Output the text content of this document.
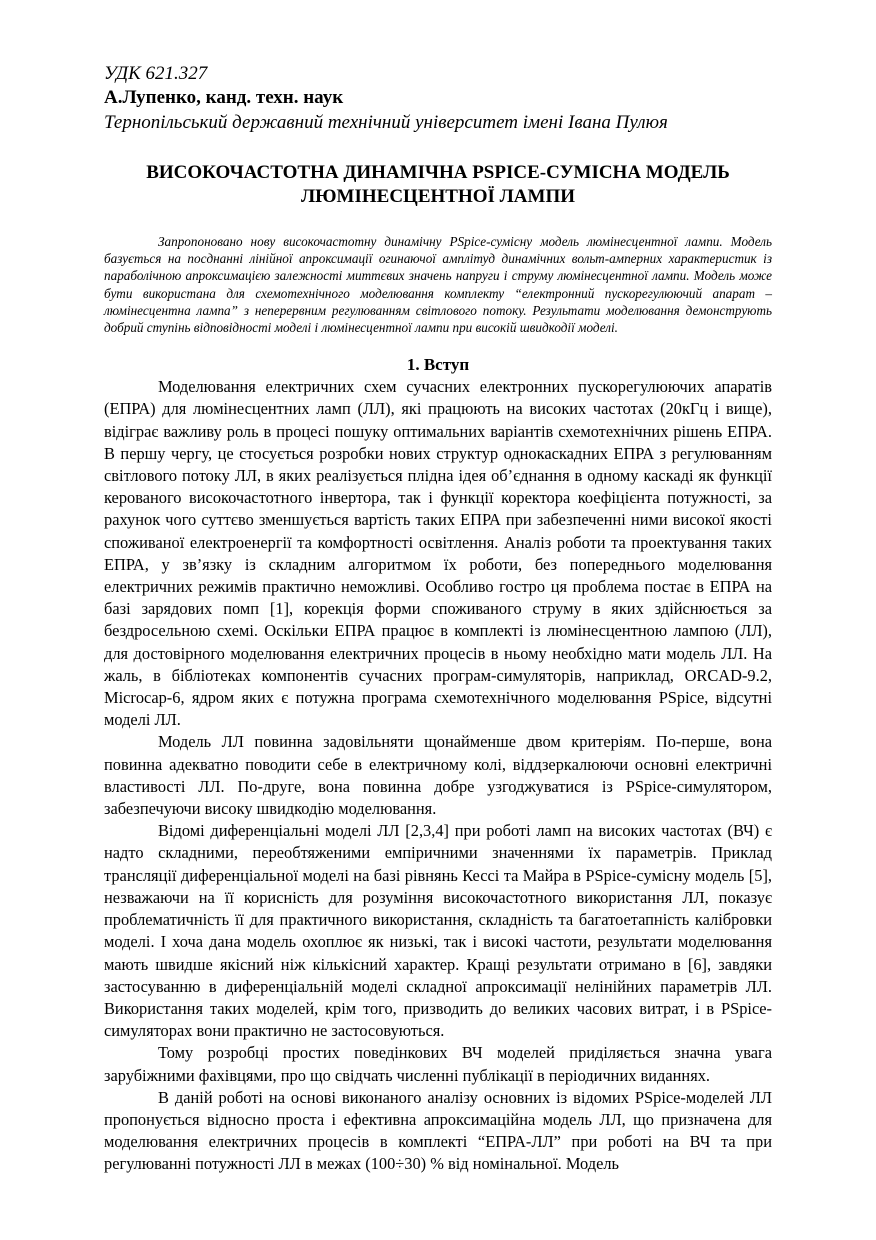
УДК 621.327

А.Лупенко, канд. техн. наук

Тернопільський державний технічний університет імені Івана Пулюя

ВИСОКОЧАСТОТНА ДИНАМІЧНА PSPICE-СУМІСНА МОДЕЛЬ ЛЮМІНЕСЦЕНТНОЇ ЛАМПИ

Запропоновано нову високочастотну динамічну PSpice-сумісну модель люмінесцентної лампи. Модель базується на посднанні лінійної апроксимації огинаючої амплітуд динамічних вольт-амперних характеристик із параболічною апроксимацією залежності миттєвих значень напруги і струму люмінесцентної лампи. Модель може бути використана для схемотехнічного моделювання комплекту “електронний пускорегулюючий апарат – люмінесцентна лампа” з неперервним регулюванням світлового потоку. Результати моделювання демонструють добрий ступінь відповідності моделі і люмінесцентної лампи при високій швидкодії моделі.

1. Вступ

Моделювання електричних схем сучасних електронних пускорегулюючих апаратів (ЕПРА) для люмінесцентних ламп (ЛЛ), які працюють на високих частотах (20кГц і вище), відіграє важливу роль в процесі пошуку оптимальних варіантів схемотехнічних рішень ЕПРА. В першу чергу, це стосується розробки нових структур однокаскадних ЕПРА з регулюванням світлового потоку ЛЛ, в яких реалізується плідна ідея об’єднання в одному каскаді як функції керованого високочастотного інвертора, так і функції коректора коефіцієнта потужності, за рахунок чого суттєво зменшується вартість таких ЕПРА при забезпеченні ними високої якості споживаної електроенергії та комфортності освітлення. Аналіз роботи та проектування таких ЕПРА, у зв’язку із складним алгоритмом їх роботи, без попереднього моделювання електричних режимів практично неможливі. Особливо гостро ця проблема постає в ЕПРА на базі зарядових помп [1], корекція форми споживаного струму в яких здійснюється за бездросельною схемі. Оскільки ЕПРА працює в комплекті із люмінесцентною лампою (ЛЛ), для достовірного моделювання електричних процесів в ньому необхідно мати модель ЛЛ. На жаль, в бібліотеках компонентів сучасних програм-симуляторів, наприклад, ORCAD-9.2, Microcap-6, ядром яких є потужна програма схемотехнічного моделювання PSpice, відсутні моделі ЛЛ.

Модель ЛЛ повинна задовільняти щонайменше двом критеріям. По-перше, вона повинна адекватно поводити себе в електричному колі, віддзеркалюючи основні електричні властивості ЛЛ. По-друге, вона повинна добре узгоджуватися із PSpice-симулятором, забезпечуючи високу швидкодію моделювання.

Відомі диференціальні моделі ЛЛ [2,3,4] при роботі ламп на високих частотах (ВЧ) є надто складними, переобтяженими емпіричними значеннями їх параметрів. Приклад трансляції диференціальної моделі на базі рівнянь Кессі та Майра в PSpice-сумісну модель [5], незважаючи на її корисність для розуміння високочастотного використання ЛЛ, показує проблематичність її для практичного використання, складність та багатоетапність калібровки моделі. І хоча дана модель охоплює як низькі, так і високі частоти, результати моделювання мають швидше якісний ніж кількісний характер. Кращі результати отримано в [6], завдяки застосуванню в диференціальній моделі складної апроксимації нелінійних параметрів ЛЛ. Використання таких моделей, крім того, призводить до великих часових витрат, і в PSpice-симуляторах вони практично не застосовуються.

Тому розробці простих поведінкових ВЧ моделей приділяється значна увага зарубіжними фахівцями, про що свідчать численні публікації в періодичних виданнях.

В даній роботі на основі виконаного аналізу основних із відомих PSpice-моделей ЛЛ пропонується відносно проста і ефективна апроксимаційна модель ЛЛ, що призначена для моделювання електричних процесів в комплекті “ЕПРА-ЛЛ” при роботі на ВЧ та при регулюванні потужності ЛЛ в межах (100÷30) % від номінальної. Модель
